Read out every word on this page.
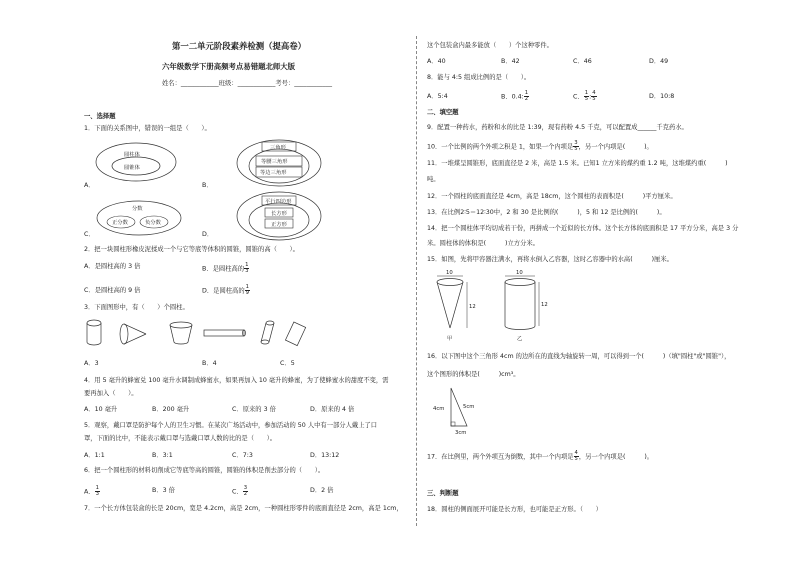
第一二单元阶段素养检测（提高卷）
六年级数学下册高频考点易错题北师大版
姓名：____________班级：____________考号：____________
一、选择题
1．下面的关系图中，错误的一组是（　　）。
圆柱体
圆锥体
A．
三角形
等腰三角形
等边三角形
B．
分数
正分数	负分数
C．
平行四边形
长方形
正方形
D．
2．把一块圆柱形橡皮泥揉成一个与它等底等体积的圆锥，圆锥的高（　　）。
A．是圆柱高的 3 倍	B．是圆柱高的 $\frac{1}{3}$
C．是圆柱高的 9 倍	D．是圆柱高的 $\frac{1}{9}$
3．下面图形中，有（　　）个圆柱。
A．3	B．4	C．5
4．用 5 毫升的蜂蜜兑 100 毫升水调制成蜂蜜水，如果再加入 10 毫升的蜂蜜，为了使蜂蜜水的甜度不变，需
要再加入（　　）。
A．10 毫升	B．200 毫升	C．原来的 3 倍	D．原来的 4 倍
5．观察，戴口罩是防护每个人的卫生习惯。在某次广场活动中，参加活动的 50 人中有一部分人戴上了口
罩，下面的比中，不能表示戴口罩与选戴口罩人数的比的是（　　）。
A．1:1	B．3:1	C．7:3	D．13:12
6．把一个圆柱形的材料切削成它等底等高的圆锥，圆锥的体积是削去部分的（　　）。
A． $\frac{1}{3}$	B．3 倍	C． $\frac{3}{2}$	D．2 倍
7．一个长方体包装盒的长是 20cm，宽是 4.2cm，高是 2cm，一种圆柱形零件的底面直径是 2cm，高是 1cm，
这个包装盒内最多能放（　　）个这种零件。
A．40	B．42	C．46	D．49
8．能与 4:5 组成比例的是（　　）。
A．5:4	B．0.4: $\frac{1}{2}$	C． $\frac{1}{5}$ : $\frac{4}{5}$	D．10:8
二、填空题
9．配置一种药水，药粉和水的比是 1:39，现有药粉 4.5 千克，可以配置成______千克药水。
10．一个比例的两个外项之积是 1，如果一个内项是 $\frac{3}{5}$ ，另一个内项是(　　　)。
11．一堆煤呈圆锥形，底面直径是 2 米，高是 1.5 米。已知1 立方米的煤约重 1.2 吨，这堆煤约重(　　　)
吨。
12．一个圆柱的底面直径是 4cm，高是 18cm，这个圆柱的表面积是(　　　)平方厘米。
13．在比例2∶5＝12∶30中，2 和 30 是比例的(　　　)，5 和 12 是比例的(　　　)。
14．把一个圆柱体平均切成若干份，再拼成一个近似的长方体。这个长方体的底面积是 17 平方分米，高是 3 分
米。圆柱体的体积是(　　　)立方分米。
15．如图，先将甲容器注满水，再将水倒入乙容器，这时乙容器中的水高(　　　)厘米。
10
12
甲
10
12
乙
16．以下图中这个三角形 4cm 的边所在的直线为轴旋转一周，可以得到一个(　　　)（填"圆柱"或"圆锥"），
这个图形的体积是(　　　)cm³。
4cm	5cm
3cm
17．在比例里，两个外项互为倒数，其中一个内项是 $\frac{4}{5}$ ，另一个内项是(　　　)。
三、判断题
18．圆柱的侧面展开可能是长方形，也可能是正方形。（　　）
